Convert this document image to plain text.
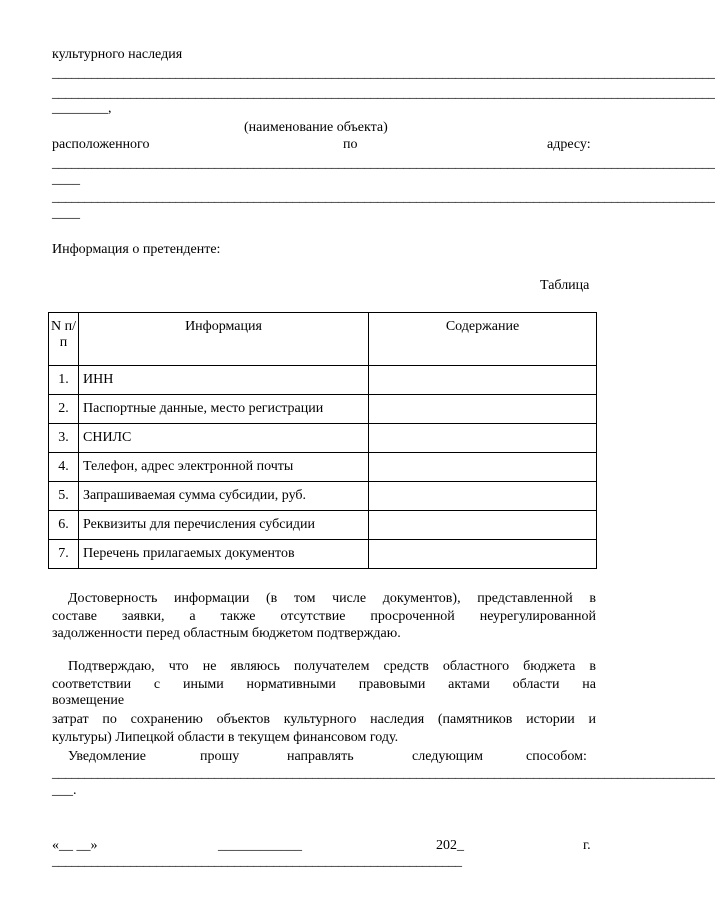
культурного наследия
______________________________________________________________________________________________________
______________________________________________________________________________________________________
________,
(наименование объекта)
расположенного	по	адресу:
______________________________________________________________________________________________________
____
______________________________________________________________________________________________________
____
Информация о претенденте:
Таблица
N п/п	Информация	Содержание
1.	ИНН	
2.	Паспортные данные, место регистрации	
3.	СНИЛС	
4.	Телефон, адрес электронной почты	
5.	Запрашиваемая сумма субсидии, руб.	
6.	Реквизиты для перечисления субсидии	
7.	Перечень прилагаемых документов	
Достоверность информации (в том числе документов), представленной в
составе заявки, а также отсутствие просроченной неурегулированной
задолженности перед областным бюджетом подтверждаю.
Подтверждаю, что не являюсь получателем средств областного бюджета в
соответствии с иными нормативными правовыми актами области на
возмещение
затрат по сохранению объектов культурного наследия (памятников истории и
культуры) Липецкой области в текущем финансовом году.
Уведомление	прошу	направлять	следующим	способом:
______________________________________________________________________________________________________
___.
«__ __»	____________	202_	г.
_______________________________________________________________
